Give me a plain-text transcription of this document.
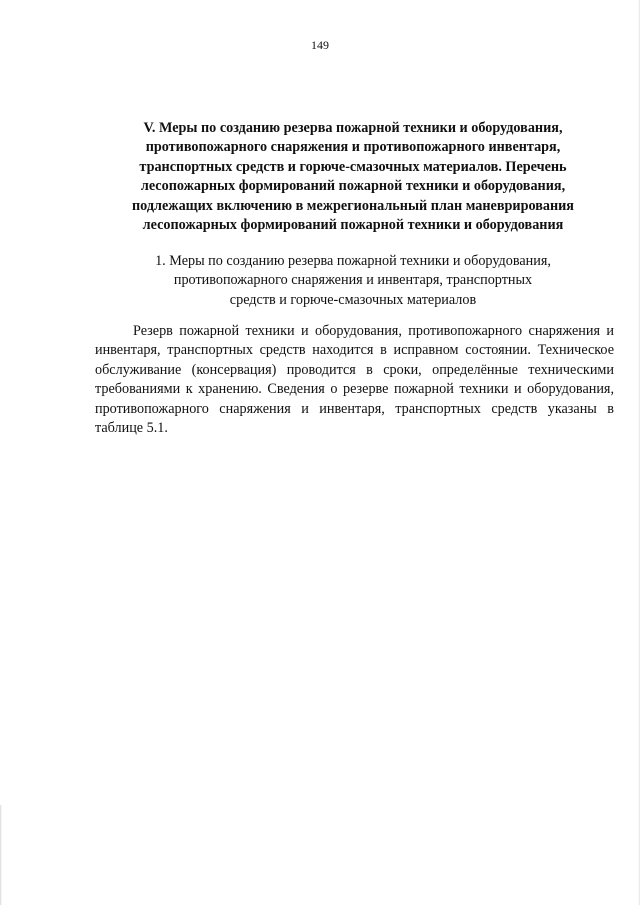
149
V. Меры по созданию резерва пожарной техники и оборудования,
противопожарного снаряжения и противопожарного инвентаря,
транспортных средств и горюче-смазочных материалов. Перечень
лесопожарных формирований пожарной техники и оборудования,
подлежащих включению в межрегиональный план маневрирования
лесопожарных формирований пожарной техники и оборудования
1. Меры по созданию резерва пожарной техники и оборудования,
противопожарного снаряжения и инвентаря, транспортных
средств и горюче-смазочных материалов

Резерв пожарной техники и оборудования, противопожарного снаряжения и инвентаря, транспортных средств находится в исправном состоянии. Техническое обслуживание (консервация) проводится в сроки, определённые техническими требованиями к хранению. Сведения о резерве пожарной техники и оборудования, противопожарного снаряжения и инвентаря, транспортных средств указаны в таблице 5.1.
